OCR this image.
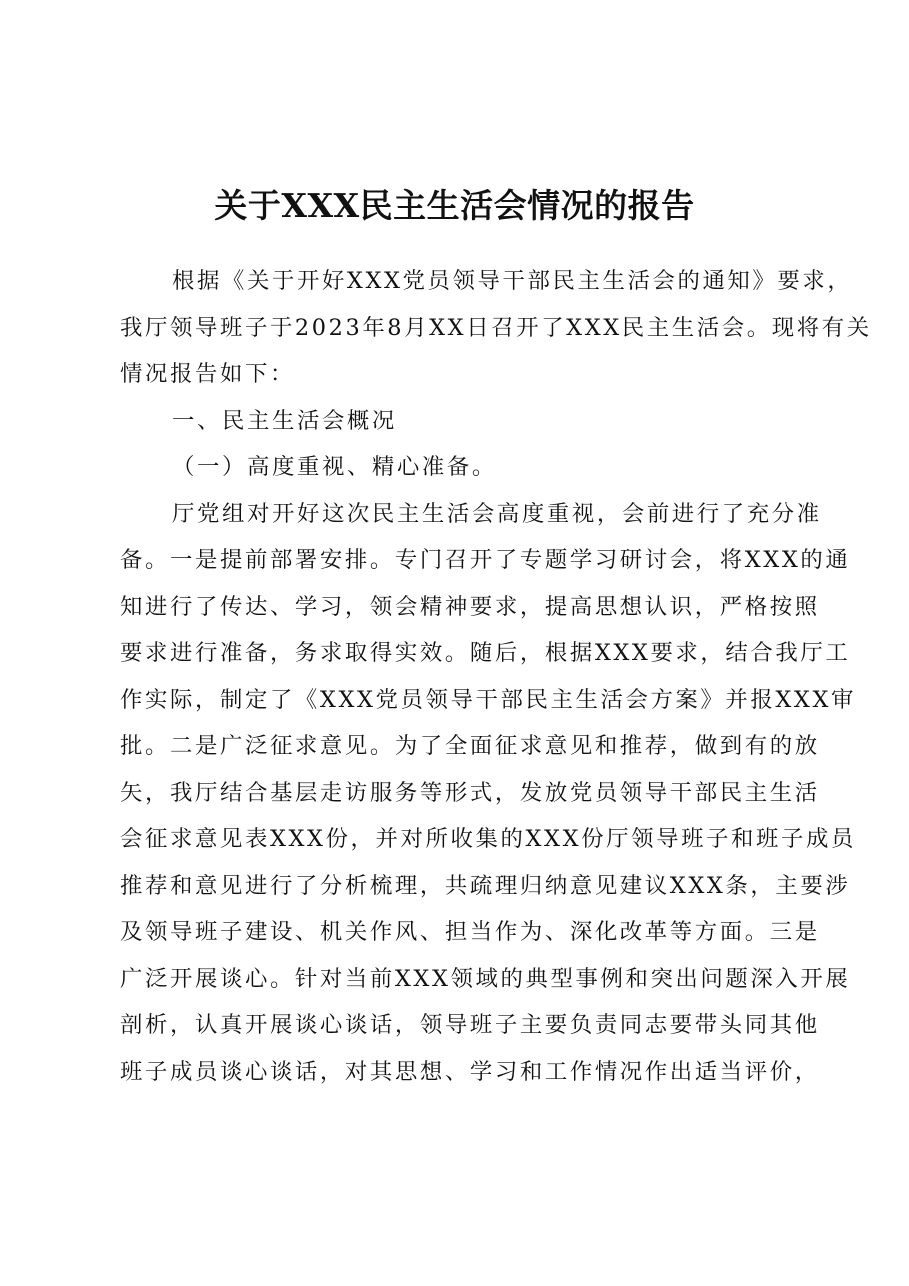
关于XXX民主生活会情况的报告
根据《关于开好XXX党员领导干部民主生活会的通知》要求，
我厅领导班子于2023年8月XX日召开了XXX民主生活会。现将有关
情况报告如下：
一、民主生活会概况
（一）高度重视、精心准备。
厅党组对开好这次民主生活会高度重视，会前进行了充分准
备。一是提前部署安排。专门召开了专题学习研讨会，将XXX的通
知进行了传达、学习，领会精神要求，提高思想认识，严格按照
要求进行准备，务求取得实效。随后，根据XXX要求，结合我厅工
作实际，制定了《XXX党员领导干部民主生活会方案》并报XXX审
批。二是广泛征求意见。为了全面征求意见和推荐，做到有的放
矢，我厅结合基层走访服务等形式，发放党员领导干部民主生活
会征求意见表XXX份，并对所收集的XXX份厅领导班子和班子成员
推荐和意见进行了分析梳理，共疏理归纳意见建议XXX条，主要涉
及领导班子建设、机关作风、担当作为、深化改革等方面。三是
广泛开展谈心。针对当前XXX领域的典型事例和突出问题深入开展
剖析，认真开展谈心谈话，领导班子主要负责同志要带头同其他
班子成员谈心谈话，对其思想、学习和工作情况作出适当评价，
